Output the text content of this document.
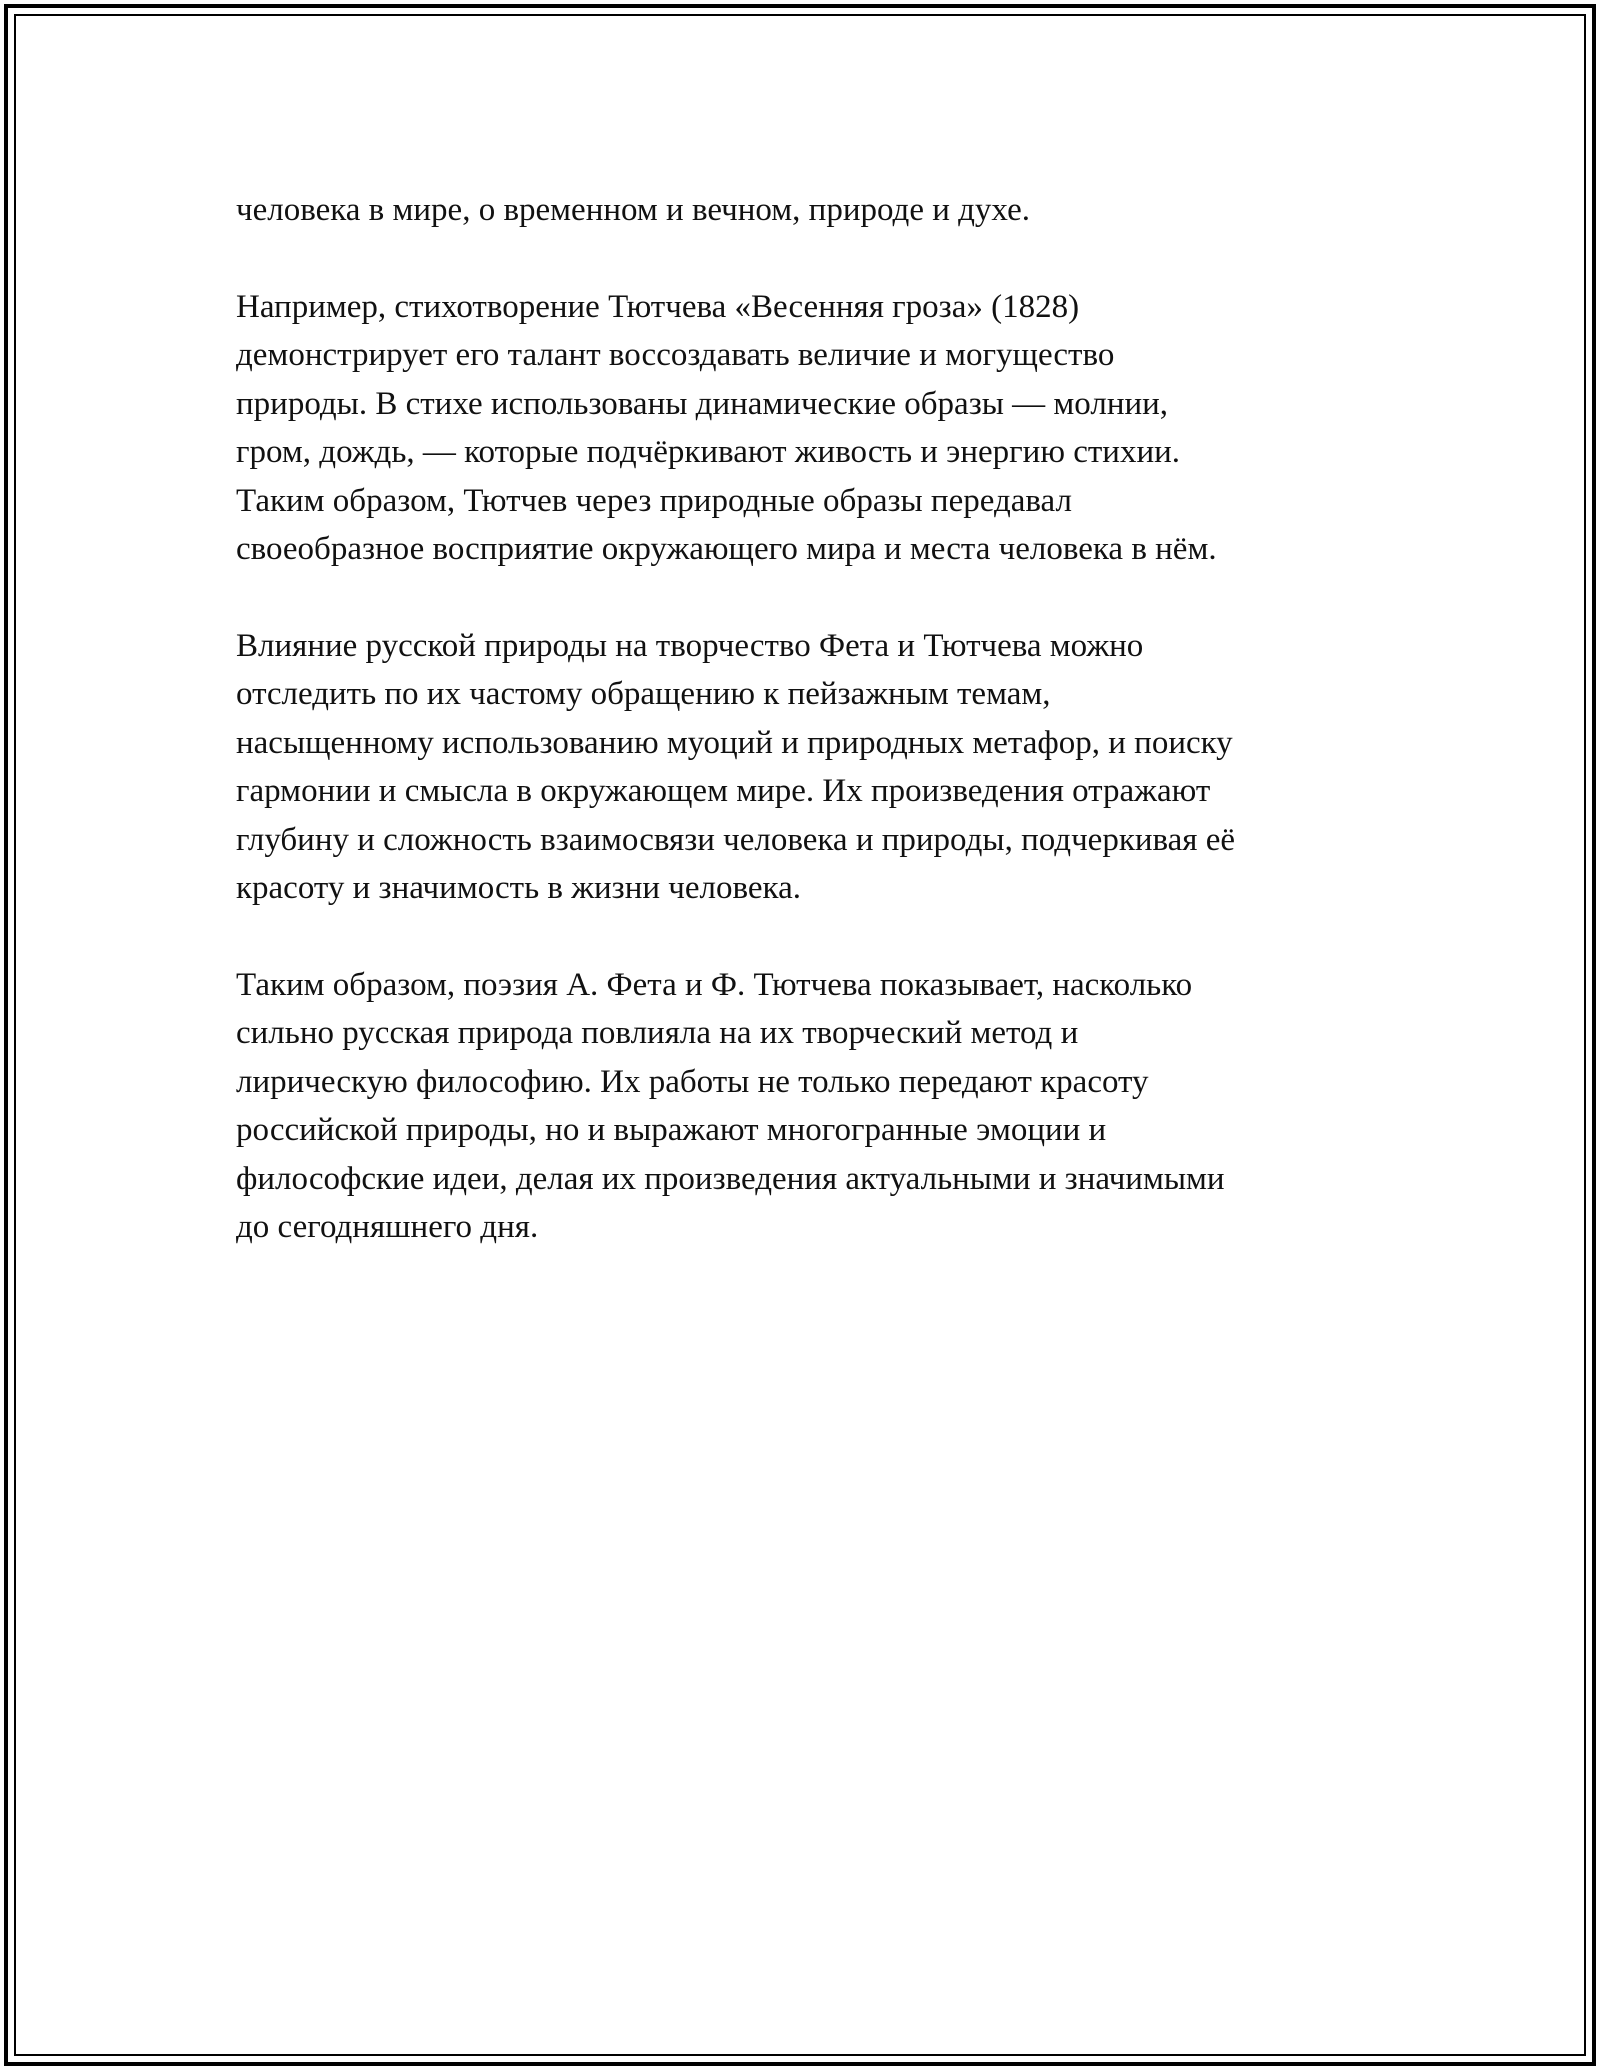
человека в мире, о временном и вечном, природе и духе.

Например, стихотворение Тютчева «Весенняя гроза» (1828)
демонстрирует его талант воссоздавать величие и могущество
природы. В стихе использованы динамические образы — молнии,
гром, дождь, — которые подчёркивают живость и энергию стихии.
Таким образом, Тютчев через природные образы передавал
своеобразное восприятие окружающего мира и места человека в нём.

Влияние русской природы на творчество Фета и Тютчева можно
отследить по их частому обращению к пейзажным темам,
насыщенному использованию муоций и природных метафор, и поиску
гармонии и смысла в окружающем мире. Их произведения отражают
глубину и сложность взаимосвязи человека и природы, подчеркивая её
красоту и значимость в жизни человека.

Таким образом, поэзия А. Фета и Ф. Тютчева показывает, насколько
сильно русская природа повлияла на их творческий метод и
лирическую философию. Их работы не только передают красоту
российской природы, но и выражают многогранные эмоции и
философские идеи, делая их произведения актуальными и значимыми
до сегодняшнего дня.
